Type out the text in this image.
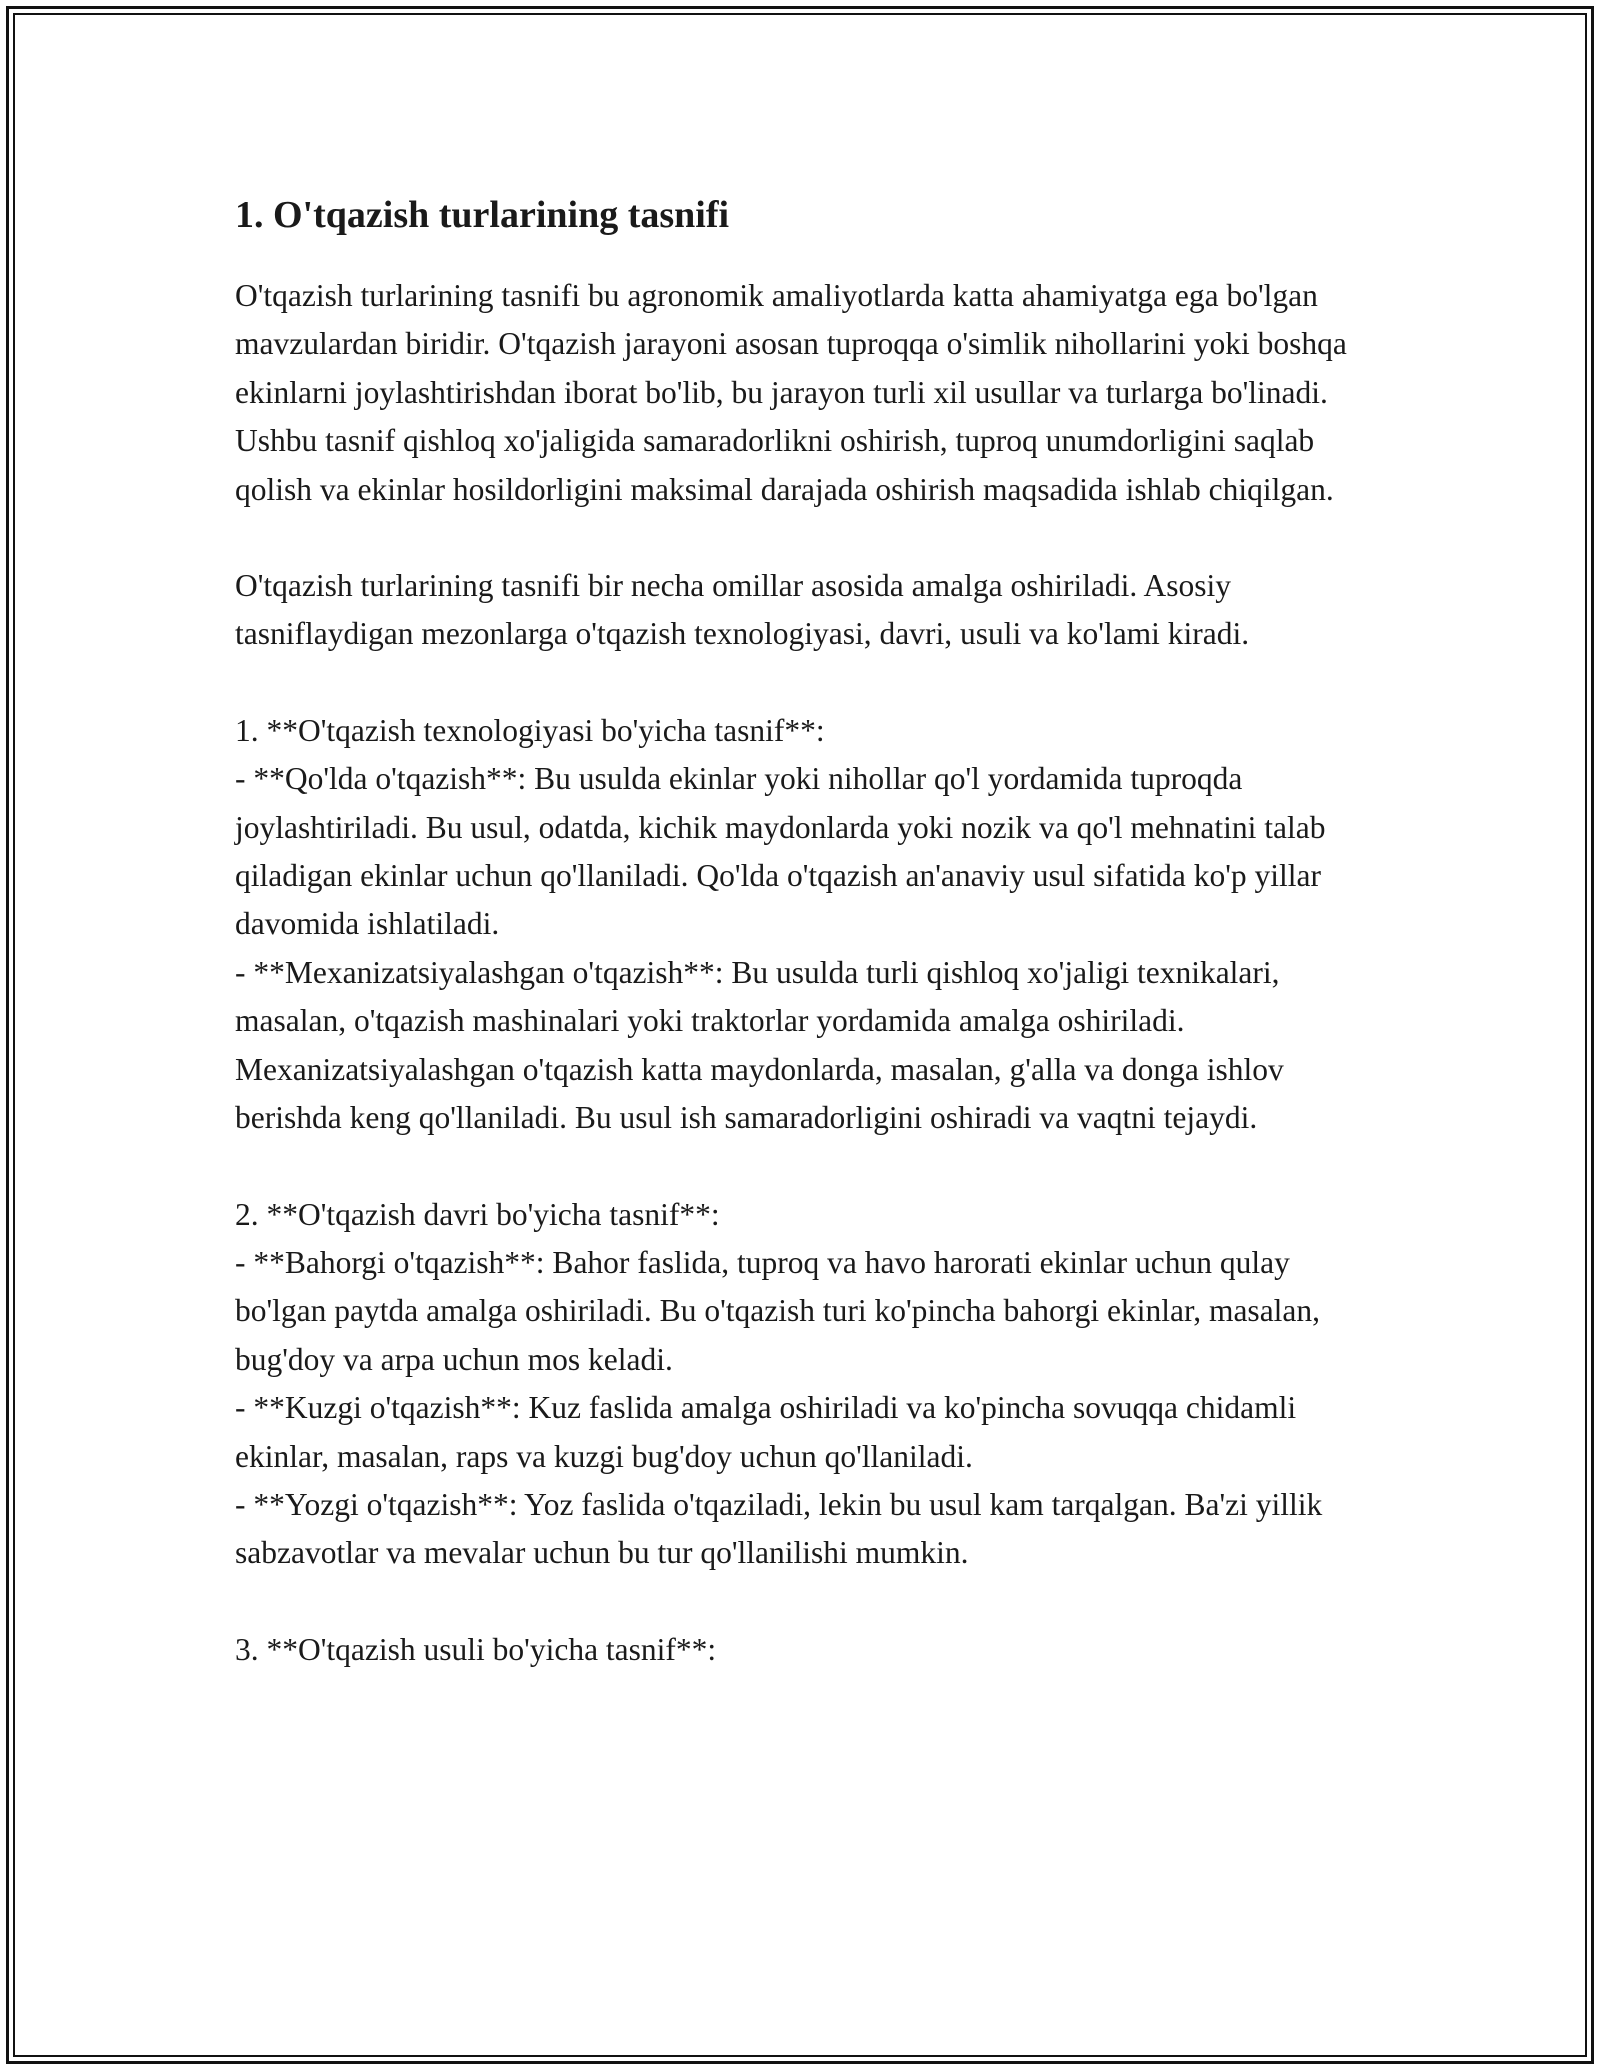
1. O'tqazish turlarining tasnifi

O'tqazish turlarining tasnifi bu agronomik amaliyotlarda katta ahamiyatga ega bo'lgan mavzulardan biridir. O'tqazish jarayoni asosan tuproqqa o'simlik nihollarini yoki boshqa ekinlarni joylashtirishdan iborat bo'lib, bu jarayon turli xil usullar va turlarga bo'linadi. Ushbu tasnif qishloq xo'jaligida samaradorlikni oshirish, tuproq unumdorligini saqlab qolish va ekinlar hosildorligini maksimal darajada oshirish maqsadida ishlab chiqilgan.

O'tqazish turlarining tasnifi bir necha omillar asosida amalga oshiriladi. Asosiy tasniflaydigan mezonlarga o'tqazish texnologiyasi, davri, usuli va ko'lami kiradi.

1. **O'tqazish texnologiyasi bo'yicha tasnif**:
- **Qo'lda o'tqazish**: Bu usulda ekinlar yoki nihollar qo'l yordamida tuproqda joylashtiriladi. Bu usul, odatda, kichik maydonlarda yoki nozik va qo'l mehnatini talab qiladigan ekinlar uchun qo'llaniladi. Qo'lda o'tqazish an'anaviy usul sifatida ko'p yillar davomida ishlatiladi.
- **Mexanizatsiyalashgan o'tqazish**: Bu usulda turli qishloq xo'jaligi texnikalari, masalan, o'tqazish mashinalari yoki traktorlar yordamida amalga oshiriladi. Mexanizatsiyalashgan o'tqazish katta maydonlarda, masalan, g'alla va donga ishlov berishda keng qo'llaniladi. Bu usul ish samaradorligini oshiradi va vaqtni tejaydi.

2. **O'tqazish davri bo'yicha tasnif**:
- **Bahorgi o'tqazish**: Bahor faslida, tuproq va havo harorati ekinlar uchun qulay bo'lgan paytda amalga oshiriladi. Bu o'tqazish turi ko'pincha bahorgi ekinlar, masalan, bug'doy va arpa uchun mos keladi.
- **Kuzgi o'tqazish**: Kuz faslida amalga oshiriladi va ko'pincha sovuqqa chidamli ekinlar, masalan, raps va kuzgi bug'doy uchun qo'llaniladi.
- **Yozgi o'tqazish**: Yoz faslida o'tqaziladi, lekin bu usul kam tarqalgan. Ba'zi yillik sabzavotlar va mevalar uchun bu tur qo'llanilishi mumkin.

3. **O'tqazish usuli bo'yicha tasnif**:
